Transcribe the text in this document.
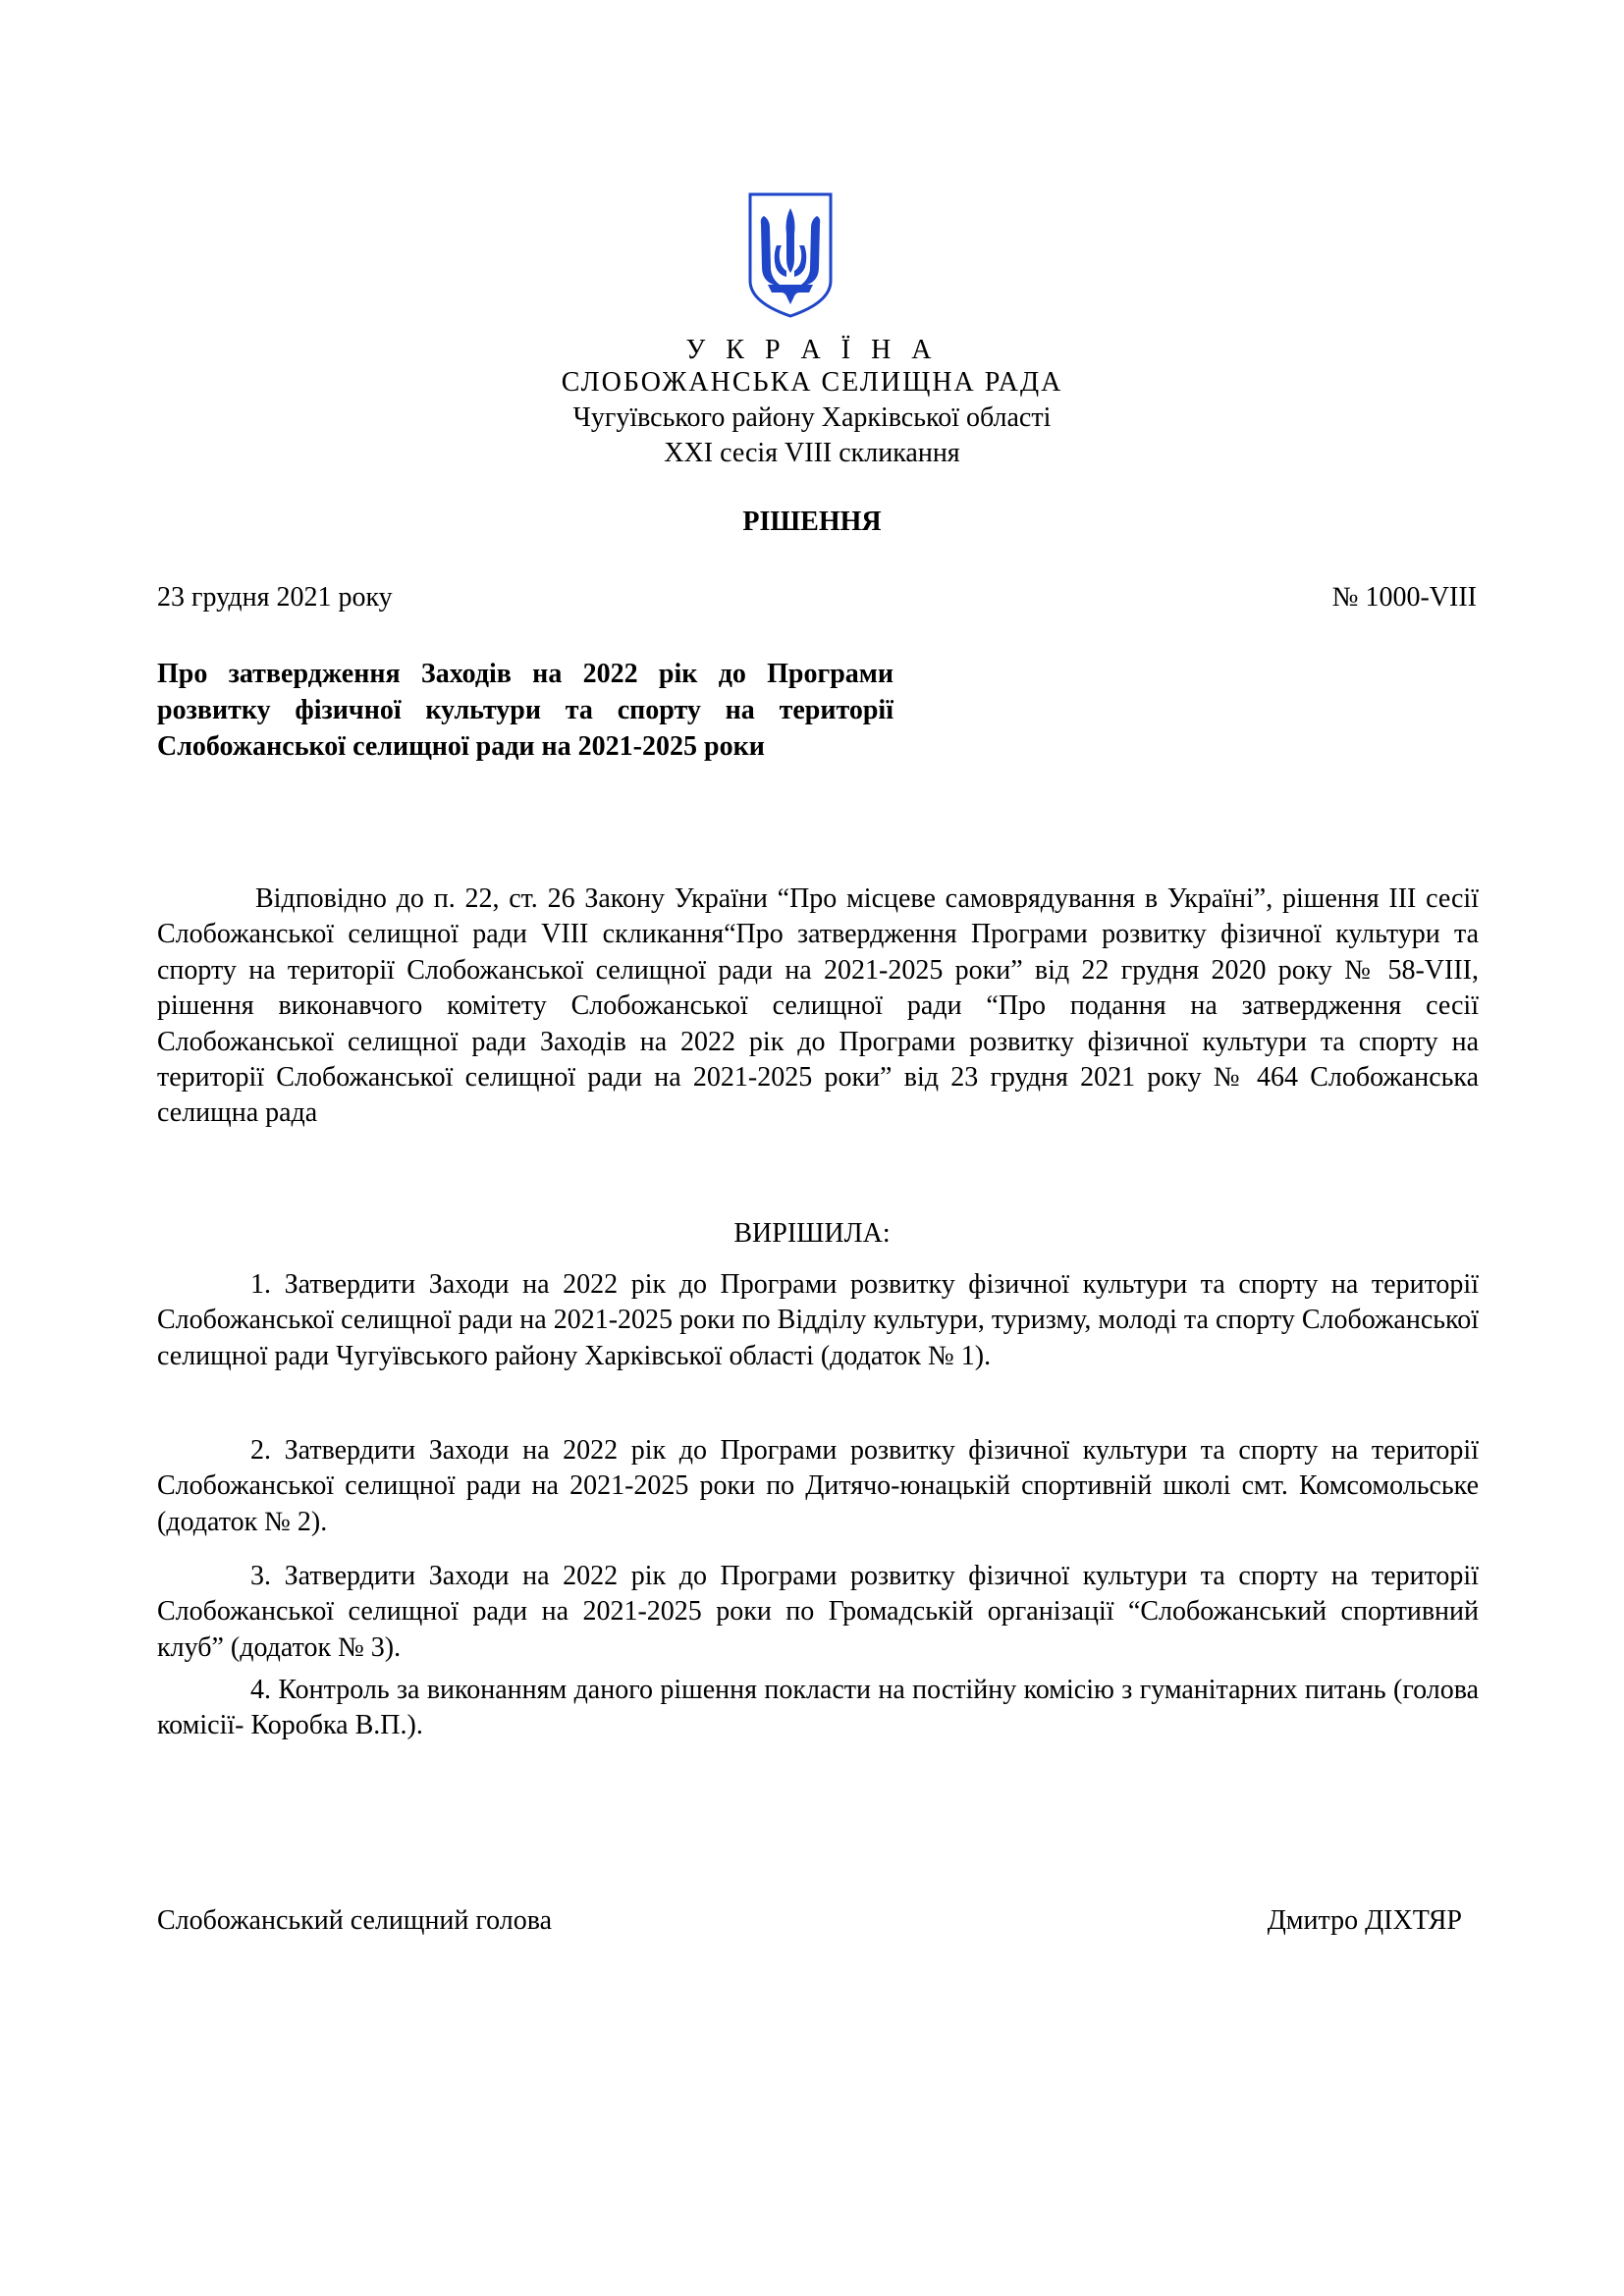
У К Р А Ї Н А
СЛОБОЖАНСЬКА СЕЛИЩНА РАДА
Чугуївського району Харківської області
XXI сесія VIII скликання
РІШЕННЯ
23 грудня 2021 року	№ 1000-VIII
Про затвердження Заходів на 2022 рік до Програми розвитку фізичної культури та спорту на території Слобожанської селищної ради на 2021-2025 роки
Відповідно до п. 22, ст. 26 Закону України “Про місцеве самоврядування в Україні”, рішення III сесії Слобожанської селищної ради VIII скликання“Про затвердження Програми розвитку фізичної культури та спорту на території Слобожанської селищної ради на 2021-2025 роки” від 22 грудня 2020 року № 58-VIII, рішення виконавчого комітету Слобожанської селищної ради “Про подання на затвердження сесії Слобожанської селищної ради Заходів на 2022 рік до Програми розвитку фізичної культури та спорту на території Слобожанської селищної ради на 2021-2025 роки” від 23 грудня 2021 року № 464 Слобожанська селищна рада
ВИРІШИЛА:
1. Затвердити Заходи на 2022 рік до Програми розвитку фізичної культури та спорту на території Слобожанської селищної ради на 2021-2025 роки по Відділу культури, туризму, молоді та спорту Слобожанської селищної ради Чугуївського району Харківської області (додаток № 1).
2. Затвердити Заходи на 2022 рік до Програми розвитку фізичної культури та спорту на території Слобожанської селищної ради на 2021-2025 роки по Дитячо-юнацькій спортивній школі смт. Комсомольське (додаток № 2).
3. Затвердити Заходи на 2022 рік до Програми розвитку фізичної культури та спорту на території Слобожанської селищної ради на 2021-2025 роки по Громадській організації “Слобожанський спортивний клуб” (додаток № 3).
4. Контроль за виконанням даного рішення покласти на постійну комісію з гуманітарних питань (голова комісії- Коробка В.П.).
Слобожанський селищний голова	Дмитро ДІХТЯР
